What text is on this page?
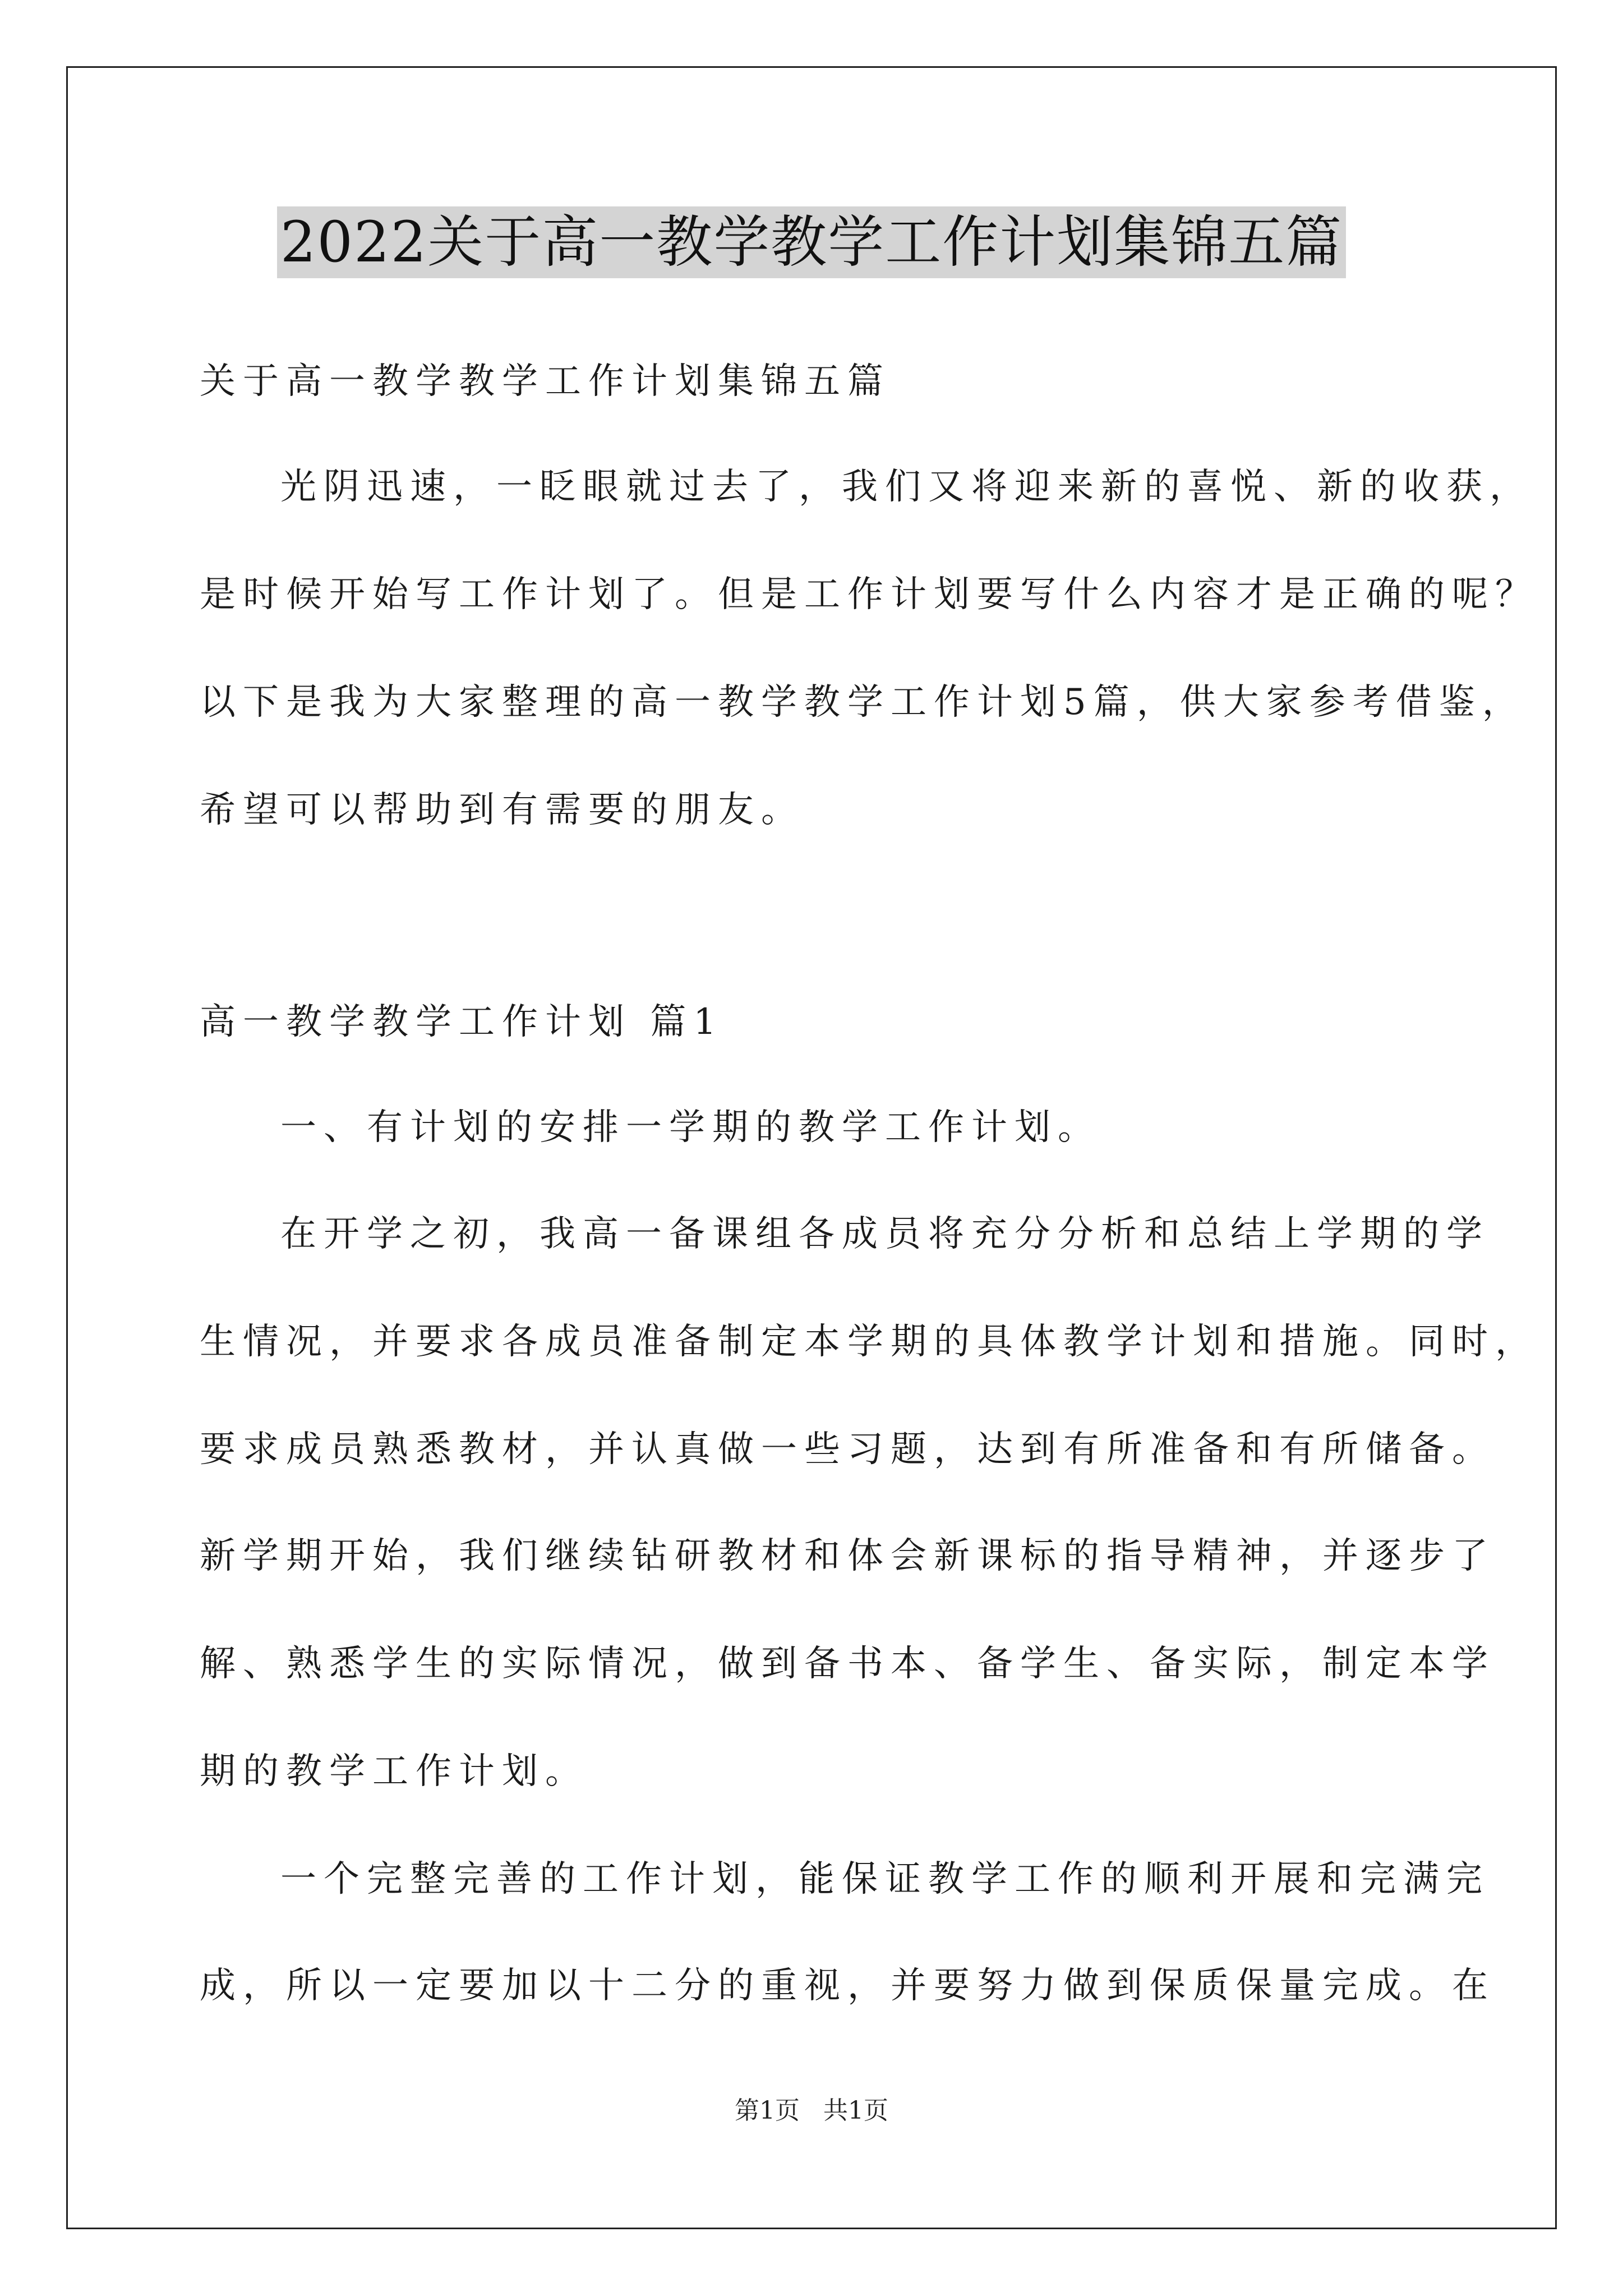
2022关于高一教学教学工作计划集锦五篇
关于高一教学教学工作计划集锦五篇
光阴迅速，一眨眼就过去了，我们又将迎来新的喜悦、新的收获，
是时候开始写工作计划了。但是工作计划要写什么内容才是正确的呢？
以下是我为大家整理的高一教学教学工作计划5篇，供大家参考借鉴，
希望可以帮助到有需要的朋友。
高一教学教学工作计划 篇1
一、有计划的安排一学期的教学工作计划。
在开学之初，我高一备课组各成员将充分分析和总结上学期的学
生情况，并要求各成员准备制定本学期的具体教学计划和措施。同时，
要求成员熟悉教材，并认真做一些习题，达到有所准备和有所储备。
新学期开始，我们继续钻研教材和体会新课标的指导精神，并逐步了
解、熟悉学生的实际情况，做到备书本、备学生、备实际，制定本学
期的教学工作计划。
一个完整完善的工作计划，能保证教学工作的顺利开展和完满完
成，所以一定要加以十二分的重视，并要努力做到保质保量完成。在
第1页 共1页
